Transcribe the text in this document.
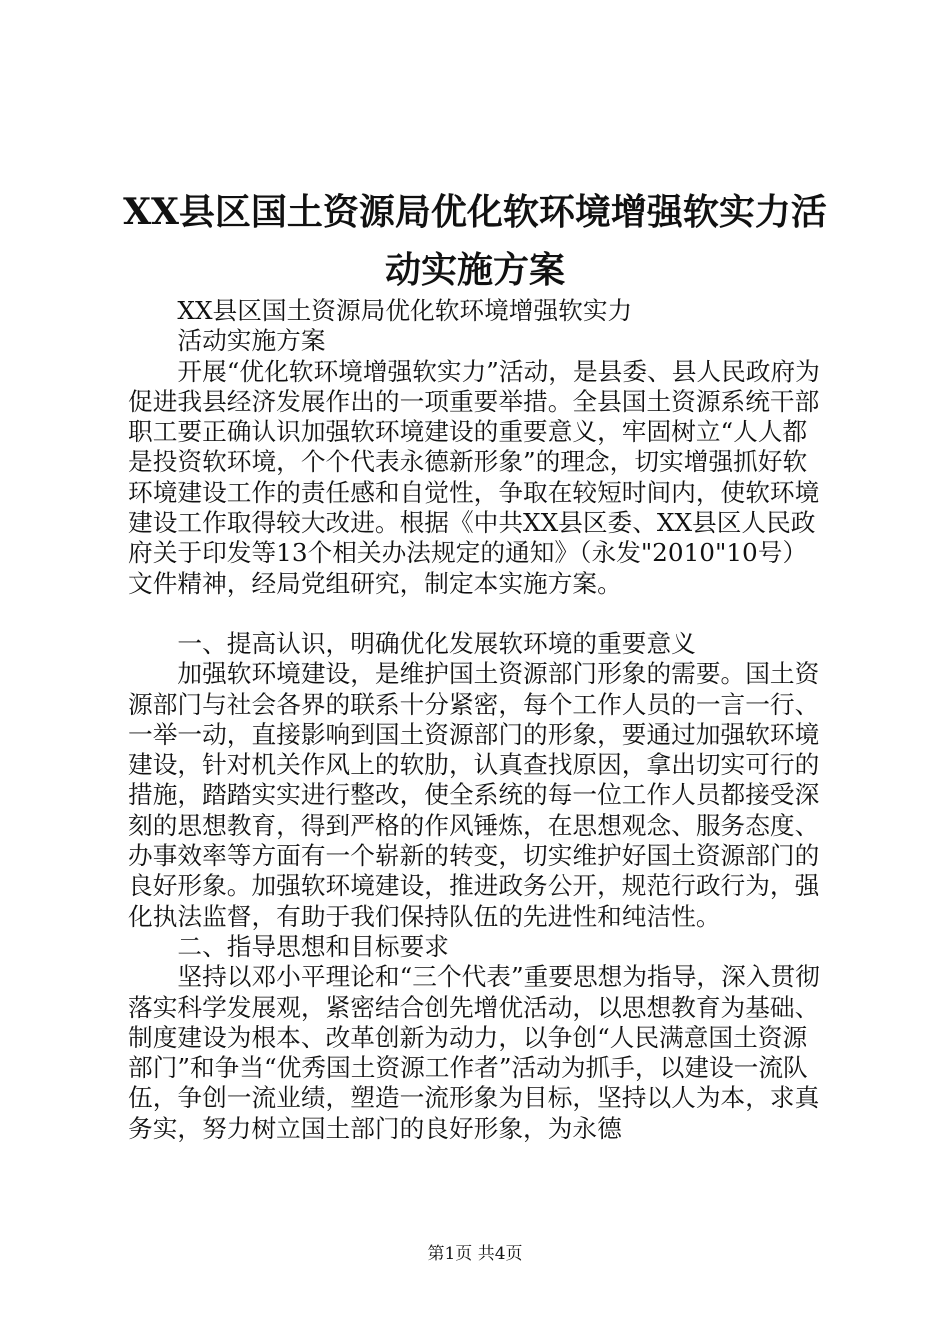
XX县区国土资源局优化软环境增强软实力活
动实施方案

XX县区国土资源局优化软环境增强软实力

活动实施方案

开展“优化软环境增强软实力”活动，是县委、县人民政府为促进我县经济发展作出的一项重要举措。全县国土资源系统干部职工要正确认识加强软环境建设的重要意义，牢固树立“人人都是投资软环境，个个代表永德新形象”的理念，切实增强抓好软环境建设工作的责任感和自觉性，争取在较短时间内，使软环境建设工作取得较大改进。根据《中共XX县区委、XX县区人民政府关于印发等13个相关办法规定的通知》（永发"2010"10号）文件精神，经局党组研究，制定本实施方案。

一、提高认识，明确优化发展软环境的重要意义

加强软环境建设，是维护国土资源部门形象的需要。国土资源部门与社会各界的联系十分紧密，每个工作人员的一言一行、一举一动，直接影响到国土资源部门的形象，要通过加强软环境建设，针对机关作风上的软肋，认真查找原因，拿出切实可行的措施，踏踏实实进行整改，使全系统的每一位工作人员都接受深刻的思想教育，得到严格的作风锤炼，在思想观念、服务态度、办事效率等方面有一个崭新的转变，切实维护好国土资源部门的良好形象。加强软环境建设，推进政务公开，规范行政行为，强化执法监督，有助于我们保持队伍的先进性和纯洁性。

二、指导思想和目标要求

坚持以邓小平理论和“三个代表”重要思想为指导，深入贯彻落实科学发展观，紧密结合创先增优活动，以思想教育为基础、制度建设为根本、改革创新为动力，以争创“人民满意国土资源部门”和争当“优秀国土资源工作者”活动为抓手，以建设一流队伍，争创一流业绩，塑造一流形象为目标，坚持以人为本，求真务实，努力树立国土部门的良好形象，为永德

第1页 共4页
